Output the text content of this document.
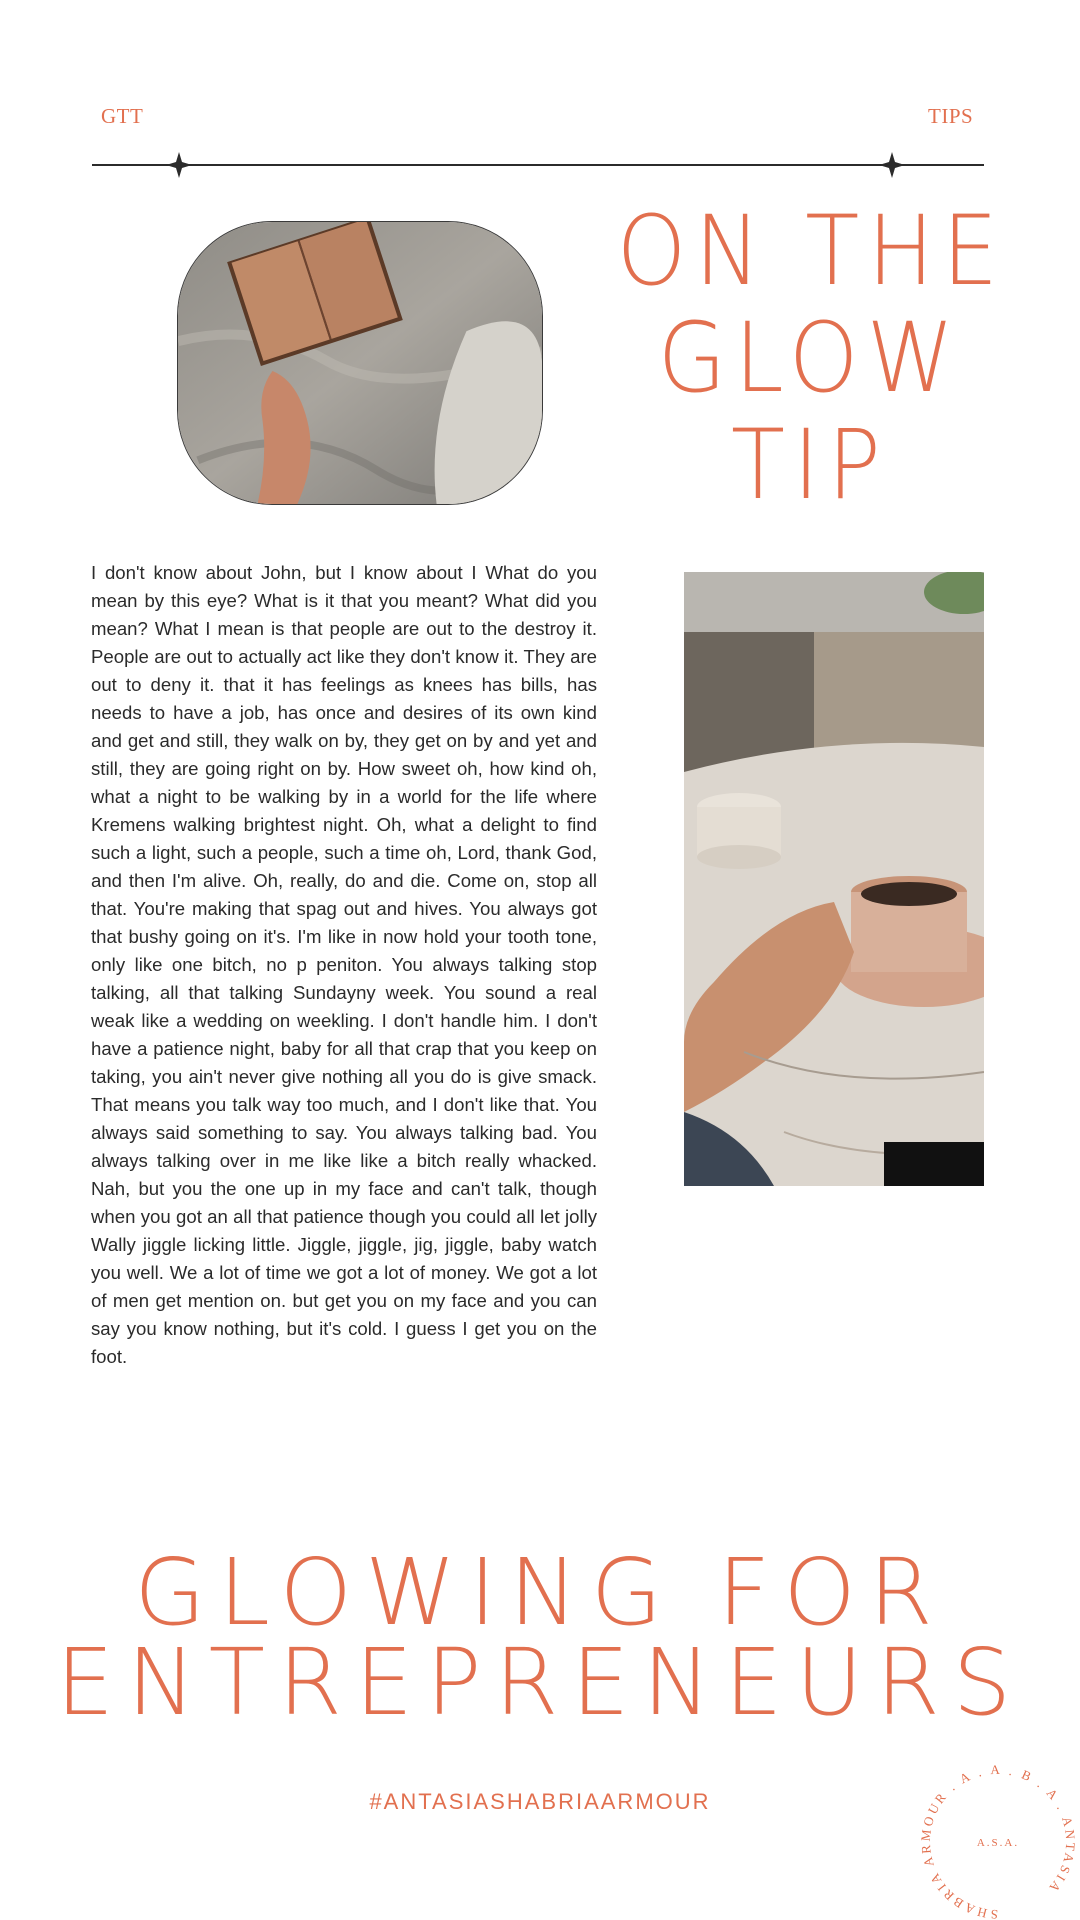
GTT	TIPS
ON THE
GLOW
TIP

I don't know about John, but I know about I What do you mean by this eye? What is it that you meant? What did you mean? What I mean is that people are out to the destroy it. People are out to actually act like they don't know it. They are out to deny it. that it has feelings as knees has bills, has needs to have a job, has once and desires of its own kind and get and still, they walk on by, they get on by and yet and still, they are going right on by. How sweet oh, how kind oh, what a night to be walking by in a world for the life where Kremens walking brightest night. Oh, what a delight to find such a light, such a people, such a time oh, Lord, thank God, and then I'm alive. Oh, really, do and die. Come on, stop all that. You're making that spag out and hives. You always got that bushy going on it's. I'm like in now hold your tooth tone, only like one bitch, no p peniton. You always talking stop talking, all that talking Sundayny week. You sound a real weak like a wedding on weekling. I don't handle him. I don't have a patience night, baby for all that crap that you keep on taking, you ain't never give nothing all you do is give smack. That means you talk way too much, and I don't like that. You always said something to say. You always talking bad. You always talking over in me like like a bitch really whacked. Nah, but you the one up in my face and can't talk, though when you got an all that patience though you could all let jolly Wally jiggle licking little. Jiggle, jiggle, jig, jiggle, baby watch you well. We a lot of time we got a lot of money. We got a lot of men get mention on. but get you on my face and you can say you know nothing, but it's cold. I guess I get you on the foot.

GLOWING FOR
ENTREPRENEURS
#ANTASIASHABRIAARMOUR
SHABRIA ARMOUR . A . A . B . A . ANTASIA
A.S.A.
